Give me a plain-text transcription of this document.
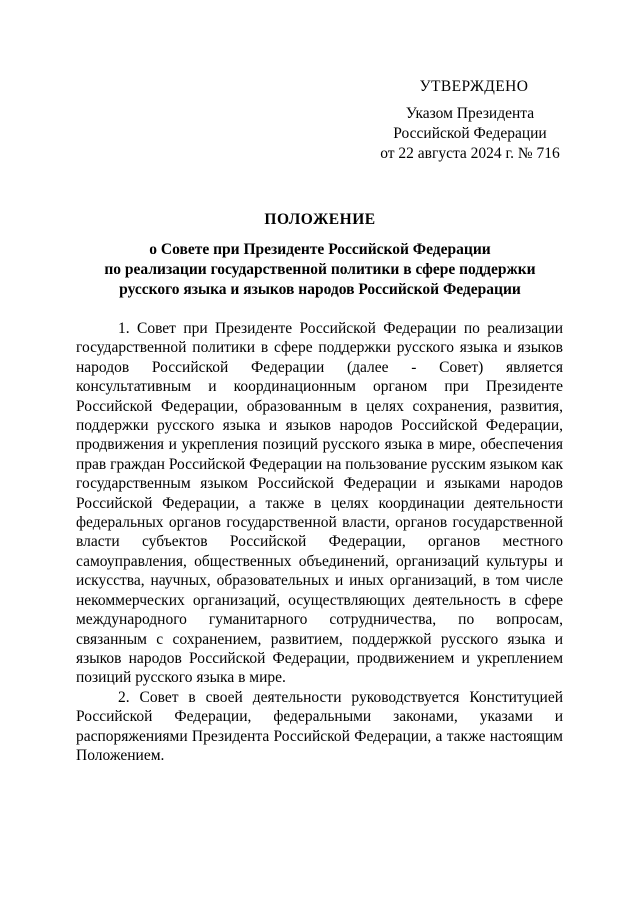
УТВЕРЖДЕНО
Указом Президента
Российской Федерации
от 22 августа 2024 г. № 716
ПОЛОЖЕНИЕ
о Совете при Президенте Российской Федерации
по реализации государственной политики в сфере поддержки
русского языка и языков народов Российской Федерации

1. Совет при Президенте Российской Федерации по реализации государственной политики в сфере поддержки русского языка и языков народов Российской Федерации (далее - Совет) является консультативным и координационным органом при Президенте Российской Федерации, образованным в целях сохранения, развития, поддержки русского языка и языков народов Российской Федерации, продвижения и укрепления позиций русского языка в мире, обеспечения прав граждан Российской Федерации на пользование русским языком как государственным языком Российской Федерации и языками народов Российской Федерации, а также в целях координации деятельности федеральных органов государственной власти, органов государственной власти субъектов Российской Федерации, органов местного самоуправления, общественных объединений, организаций культуры и искусства, научных, образовательных и иных организаций, в том числе некоммерческих организаций, осуществляющих деятельность в сфере международного гуманитарного сотрудничества, по вопросам, связанным с сохранением, развитием, поддержкой русского языка и языков народов Российской Федерации, продвижением и укреплением позиций русского языка в мире.

2. Совет в своей деятельности руководствуется Конституцией Российской Федерации, федеральными законами, указами и распоряжениями Президента Российской Федерации, а также настоящим Положением.
